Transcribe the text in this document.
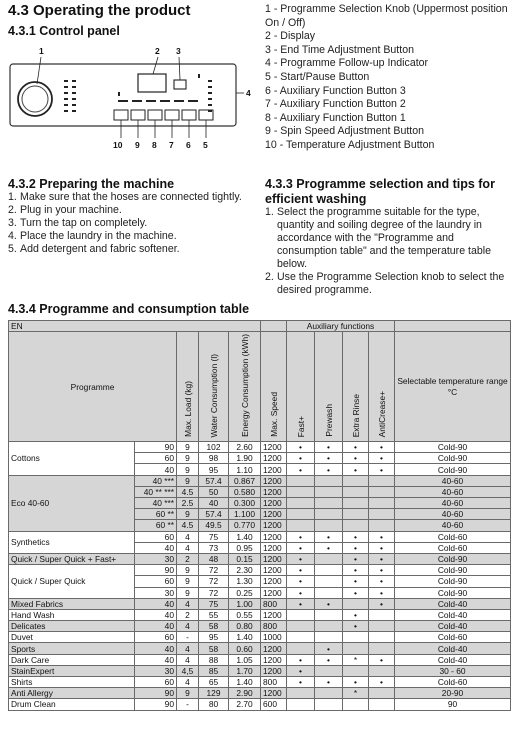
4.3 Operating the product
4.3.1 Control panel
1 - Programme Selection Knob (Uppermost position On / Off)
2 - Display
3 - End Time Adjustment Button
4 - Programme Follow-up Indicator
5 - Start/Pause Button
6 - Auxiliary Function Button 3
7 - Auxiliary Function Button 2
8 - Auxiliary Function Button 1
9 - Spin Speed Adjustment Button
10 - Temperature Adjustment Button
1	2 3
4
10 9 8 7 6 5
4.3.2 Preparing the machine
1. Make sure that the hoses are connected tightly.
2. Plug in your machine.
3. Turn the tap on completely.
4. Place the laundry in the machine.
5. Add detergent and fabric softener.
4.3.3 Programme selection and tips for efficient washing
1. Select the programme suitable for the type, quantity and soiling degree of the laundry in accordance with the "Programme and consumption table" and the temperature table below.
2. Use the Programme Selection knob to select the desired programme.
4.3.4 Programme and consumption table
EN						Auxiliary functions				
Programme		Max. Load (kg)	Water Consumption (l)	Energy Consumption (kWh)	Max. Speed	Fast+	Prewash	Extra Rinse	AntiCrease+	Selectable temperature range °C
Cottons	90	9	102	2.60	1200	•	•	•	•	Cold-90
	60	9	98	1.90	1200	•	•	•	•	Cold-90
	40	9	95	1.10	1200	•	•	•	•	Cold-90
Eco 40-60	40 ***	9	57.4	0.867	1200					40-60
	40 ** ***	4.5	50	0.580	1200					40-60
	40 ***	2.5	40	0.300	1200					40-60
	60 **	9	57.4	1.100	1200					40-60
	60 **	4.5	49.5	0.770	1200					40-60
Synthetics	60	4	75	1.40	1200	•	•	•	•	Cold-60
	40	4	73	0.95	1200	•	•	•	•	Cold-60
Quick / Super Quick + Fast+	30	2	48	0.15	1200	•		•	•	Cold-90
Quick / Super Quick	90	9	72	2.30	1200	•		•	•	Cold-90
	60	9	72	1.30	1200	•		•	•	Cold-90
	30	9	72	0.25	1200	•		•	•	Cold-90
Mixed Fabrics	40	4	75	1.00	800	•	•		•	Cold-40
Hand Wash	40	2	55	0.55	1200			•		Cold-40
Delicates	40	4	58	0.80	800			•		Cold-40
Duvet	60	-	95	1.40	1000					Cold-60
Sports	40	4	58	0.60	1200		•			Cold-40
Dark Care	40	4	88	1.05	1200	•	•	*	•	Cold-40
StainExpert	30	4,5	85	1.70	1200	•				30 - 60
Shirts	60	4	65	1.40	800	•	•	•	•	Cold-60
Anti Allergy	90	9	129	2.90	1200			*		20-90
Drum Clean	90	-	80	2.70	600					90
